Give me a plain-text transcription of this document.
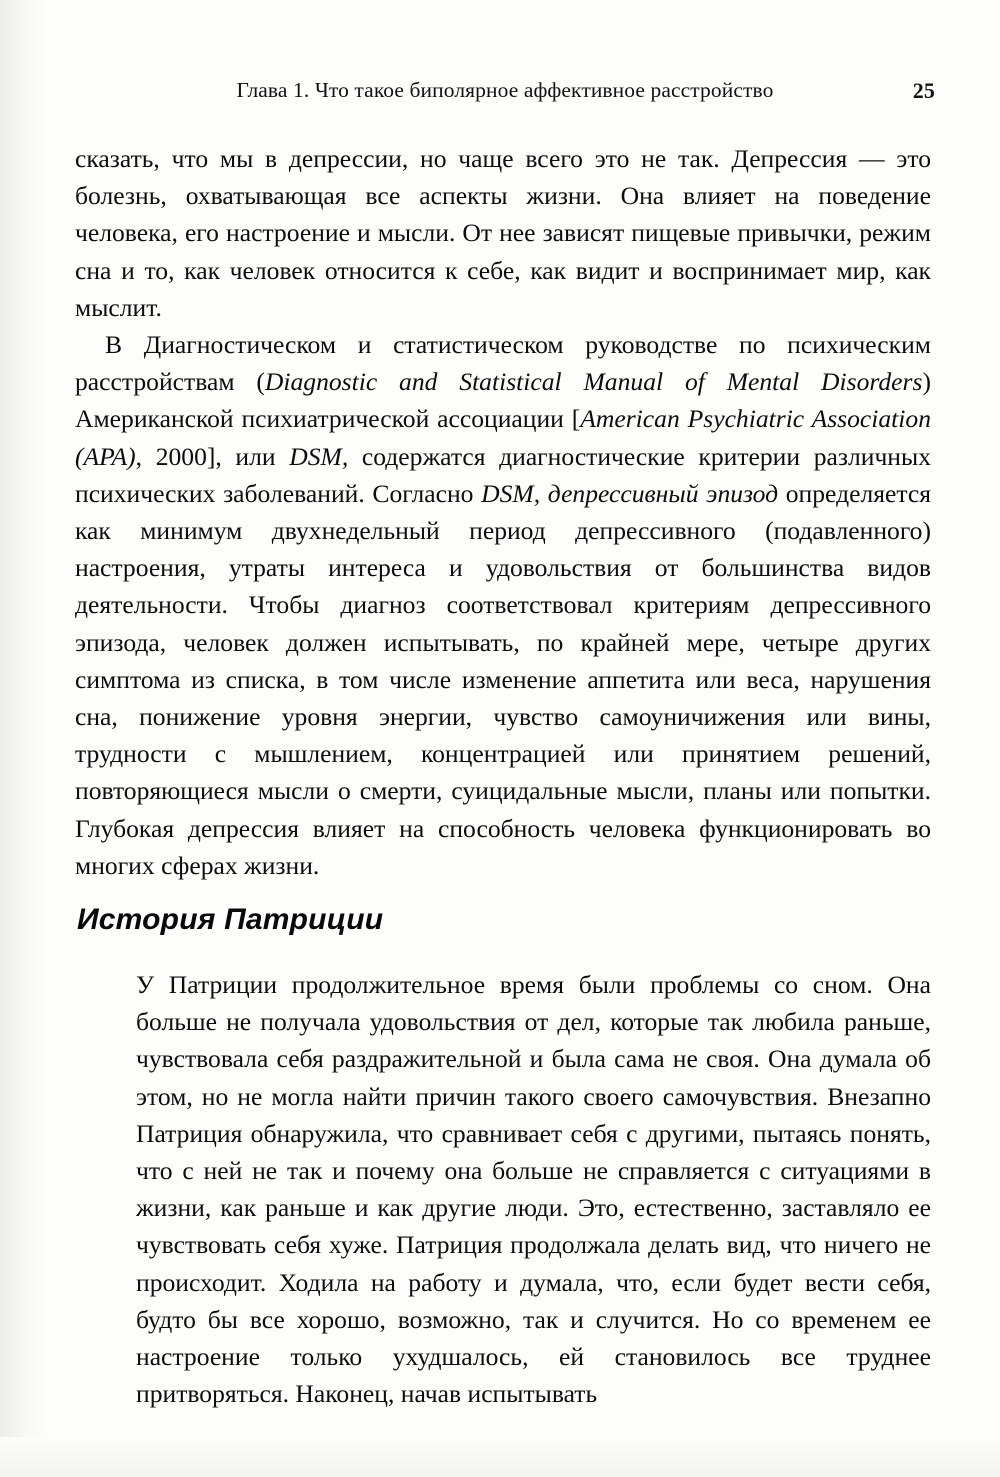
Глава 1. Что такое биполярное аффективное расстройство	25

сказать, что мы в депрессии, но чаще всего это не так. Депрессия — это болезнь, охватывающая все аспекты жизни. Она влияет на поведение человека, его настроение и мысли. От нее зависят пищевые привычки, режим сна и то, как человек относится к себе, как видит и воспринимает мир, как мыслит.

В Диагностическом и статистическом руководстве по психическим расстройствам (Diagnostic and Statistical Manual of Mental Disorders) Американской психиатрической ассоциации [American Psychiatric Association (APA), 2000], или DSM, содержатся диагностические критерии различных психических заболеваний. Согласно DSM, депрессивный эпизод определяется как минимум двухнедельный период депрессивного (подавленного) настроения, утраты интереса и удовольствия от большинства видов деятельности. Чтобы диагноз соответствовал критериям депрессивного эпизода, человек должен испытывать, по крайней мере, четыре других симптома из списка, в том числе изменение аппетита или веса, нарушения сна, понижение уровня энергии, чувство самоуничижения или вины, трудности с мышлением, концентрацией или принятием решений, повторяющиеся мысли о смерти, суицидальные мысли, планы или попытки. Глубокая депрессия влияет на способность человека функционировать во многих сферах жизни.

История Патриции

У Патриции продолжительное время были проблемы со сном. Она больше не получала удовольствия от дел, которые так любила раньше, чувствовала себя раздражительной и была сама не своя. Она думала об этом, но не могла найти причин такого своего самочувствия. Внезапно Патриция обнаружила, что сравнивает себя с другими, пытаясь понять, что с ней не так и почему она больше не справляется с ситуациями в жизни, как раньше и как другие люди. Это, естественно, заставляло ее чувствовать себя хуже. Патриция продолжала делать вид, что ничего не происходит. Ходила на работу и думала, что, если будет вести себя, будто бы все хорошо, возможно, так и случится. Но со временем ее настроение только ухудшалось, ей становилось все труднее притворяться. Наконец, начав испытывать
